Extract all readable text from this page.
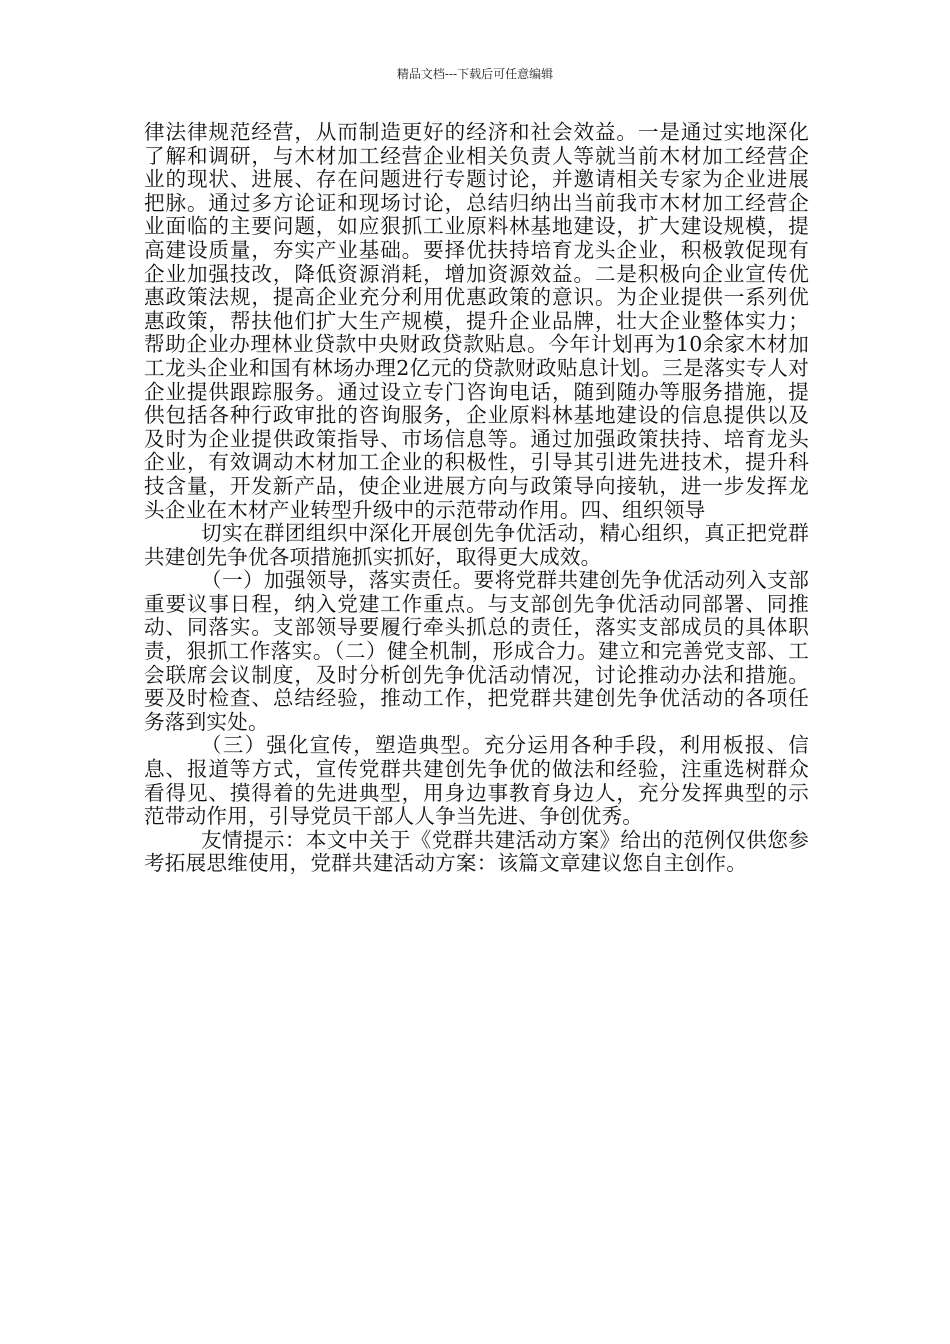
精品文档---下载后可任意编辑

律法律规范经营，从而制造更好的经济和社会效益。一是通过实地深化了解和调研，与木材加工经营企业相关负责人等就当前木材加工经营企业的现状、进展、存在问题进行专题讨论，并邀请相关专家为企业进展把脉。通过多方论证和现场讨论，总结归纳出当前我市木材加工经营企业面临的主要问题，如应狠抓工业原料林基地建设，扩大建设规模，提高建设质量，夯实产业基础。要择优扶持培育龙头企业，积极敦促现有企业加强技改，降低资源消耗，增加资源效益。二是积极向企业宣传优惠政策法规，提高企业充分利用优惠政策的意识。为企业提供一系列优惠政策，帮扶他们扩大生产规模，提升企业品牌，壮大企业整体实力；帮助企业办理林业贷款中央财政贷款贴息。今年计划再为10余家木材加工龙头企业和国有林场办理2亿元的贷款财政贴息计划。三是落实专人对企业提供跟踪服务。通过设立专门咨询电话，随到随办等服务措施，提供包括各种行政审批的咨询服务，企业原料林基地建设的信息提供以及及时为企业提供政策指导、市场信息等。通过加强政策扶持、培育龙头企业，有效调动木材加工企业的积极性，引导其引进先进技术，提升科技含量，开发新产品，使企业进展方向与政策导向接轨，进一步发挥龙头企业在木材产业转型升级中的示范带动作用。四、组织领导

切实在群团组织中深化开展创先争优活动，精心组织，真正把党群共建创先争优各项措施抓实抓好，取得更大成效。

（一）加强领导，落实责任。要将党群共建创先争优活动列入支部重要议事日程，纳入党建工作重点。与支部创先争优活动同部署、同推动、同落实。支部领导要履行牵头抓总的责任，落实支部成员的具体职责，狠抓工作落实。（二）健全机制，形成合力。建立和完善党支部、工会联席会议制度，及时分析创先争优活动情况，讨论推动办法和措施。要及时检查、总结经验，推动工作，把党群共建创先争优活动的各项任务落到实处。

（三）强化宣传，塑造典型。充分运用各种手段，利用板报、信息、报道等方式，宣传党群共建创先争优的做法和经验，注重选树群众看得见、摸得着的先进典型，用身边事教育身边人，充分发挥典型的示范带动作用，引导党员干部人人争当先进、争创优秀。

友情提示：本文中关于《党群共建活动方案》给出的范例仅供您参考拓展思维使用，党群共建活动方案：该篇文章建议您自主创作。
